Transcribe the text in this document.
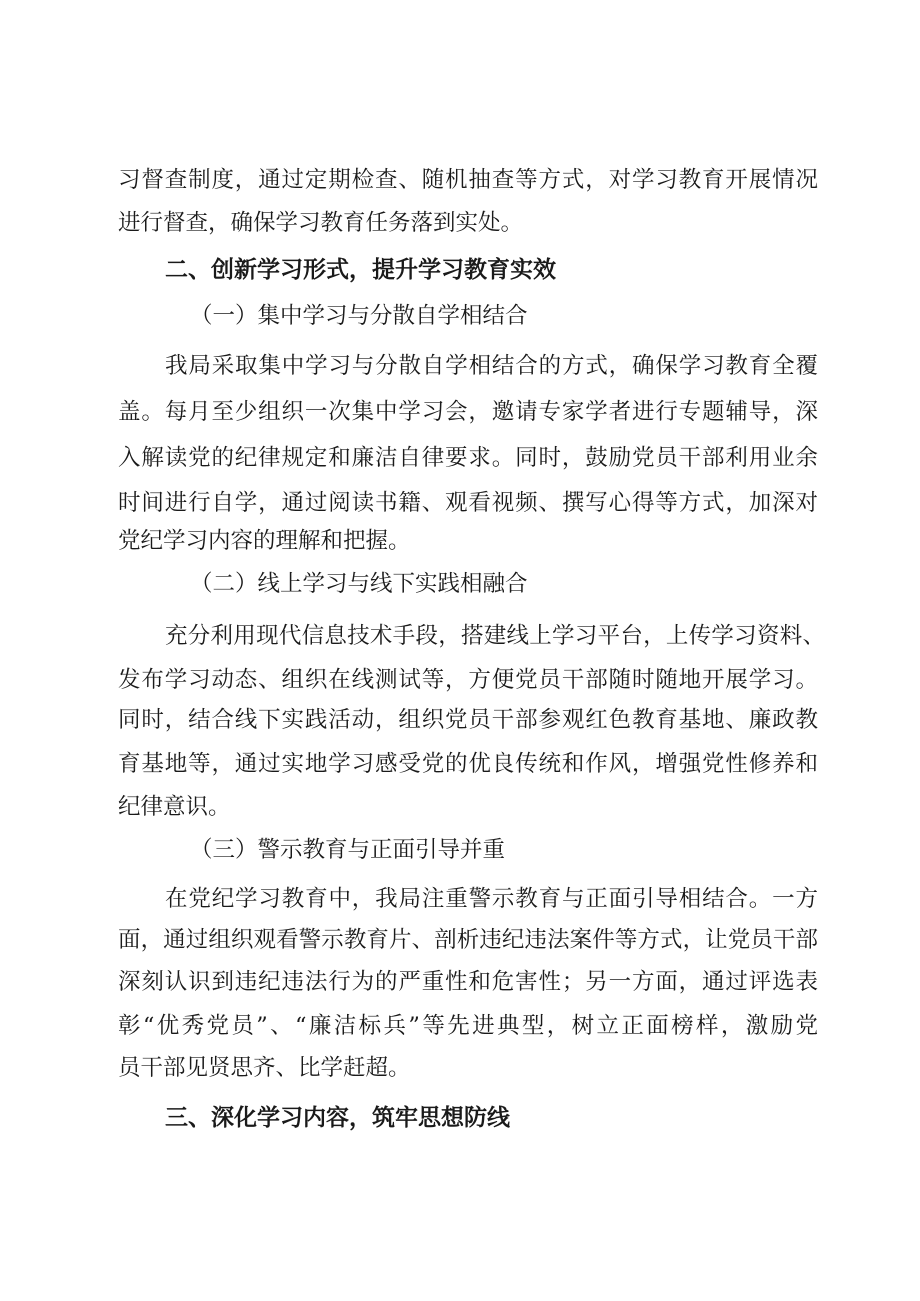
习督查制度，通过定期检查、随机抽查等方式，对学习教育开展情况
进行督查，确保学习教育任务落到实处。
二、创新学习形式，提升学习教育实效
（一）集中学习与分散自学相结合
我局采取集中学习与分散自学相结合的方式，确保学习教育全覆
盖。每月至少组织一次集中学习会，邀请专家学者进行专题辅导，深
入解读党的纪律规定和廉洁自律要求。同时，鼓励党员干部利用业余
时间进行自学，通过阅读书籍、观看视频、撰写心得等方式，加深对
党纪学习内容的理解和把握。
（二）线上学习与线下实践相融合
充分利用现代信息技术手段，搭建线上学习平台，上传学习资料、
发布学习动态、组织在线测试等，方便党员干部随时随地开展学习。
同时，结合线下实践活动，组织党员干部参观红色教育基地、廉政教
育基地等，通过实地学习感受党的优良传统和作风，增强党性修养和
纪律意识。
（三）警示教育与正面引导并重
在党纪学习教育中，我局注重警示教育与正面引导相结合。一方
面，通过组织观看警示教育片、剖析违纪违法案件等方式，让党员干部
深刻认识到违纪违法行为的严重性和危害性；另一方面，通过评选表
彰“优秀党员”、“廉洁标兵”等先进典型，树立正面榜样，激励党
员干部见贤思齐、比学赶超。
三、深化学习内容，筑牢思想防线
